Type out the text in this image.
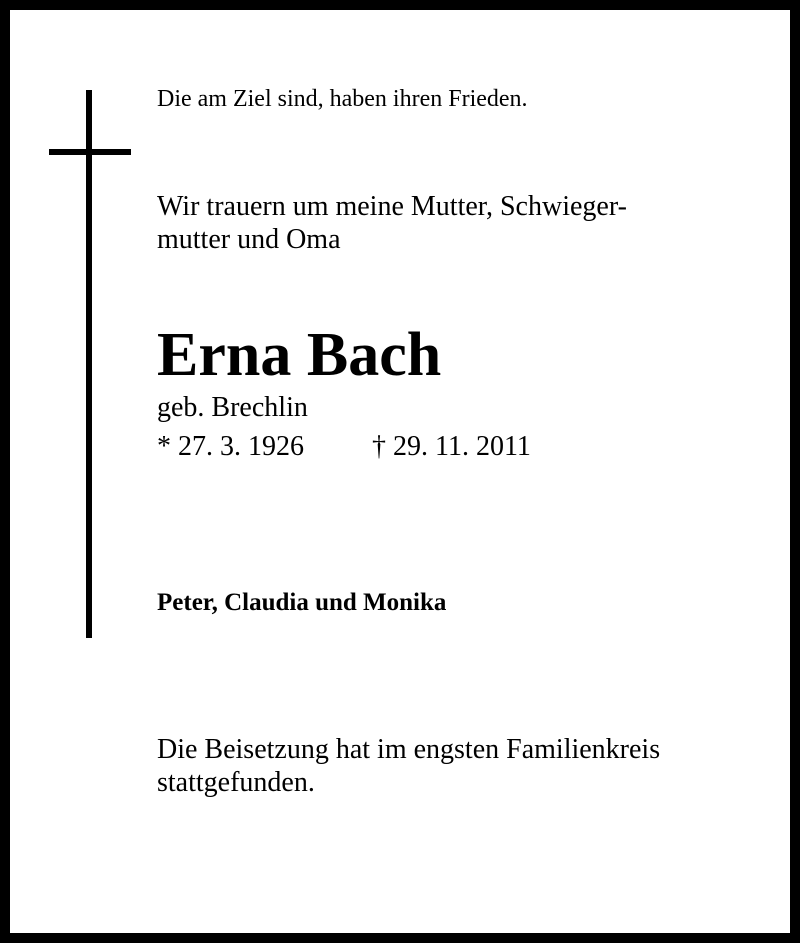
Die am Ziel sind, haben ihren Frieden.

Wir trauern um meine Mutter, Schwieger-
mutter und Oma

Erna Bach

geb. Brechlin

* 27. 3. 1926 † 29. 11. 2011

Peter, Claudia und Monika

Die Beisetzung hat im engsten Familienkreis
stattgefunden.
